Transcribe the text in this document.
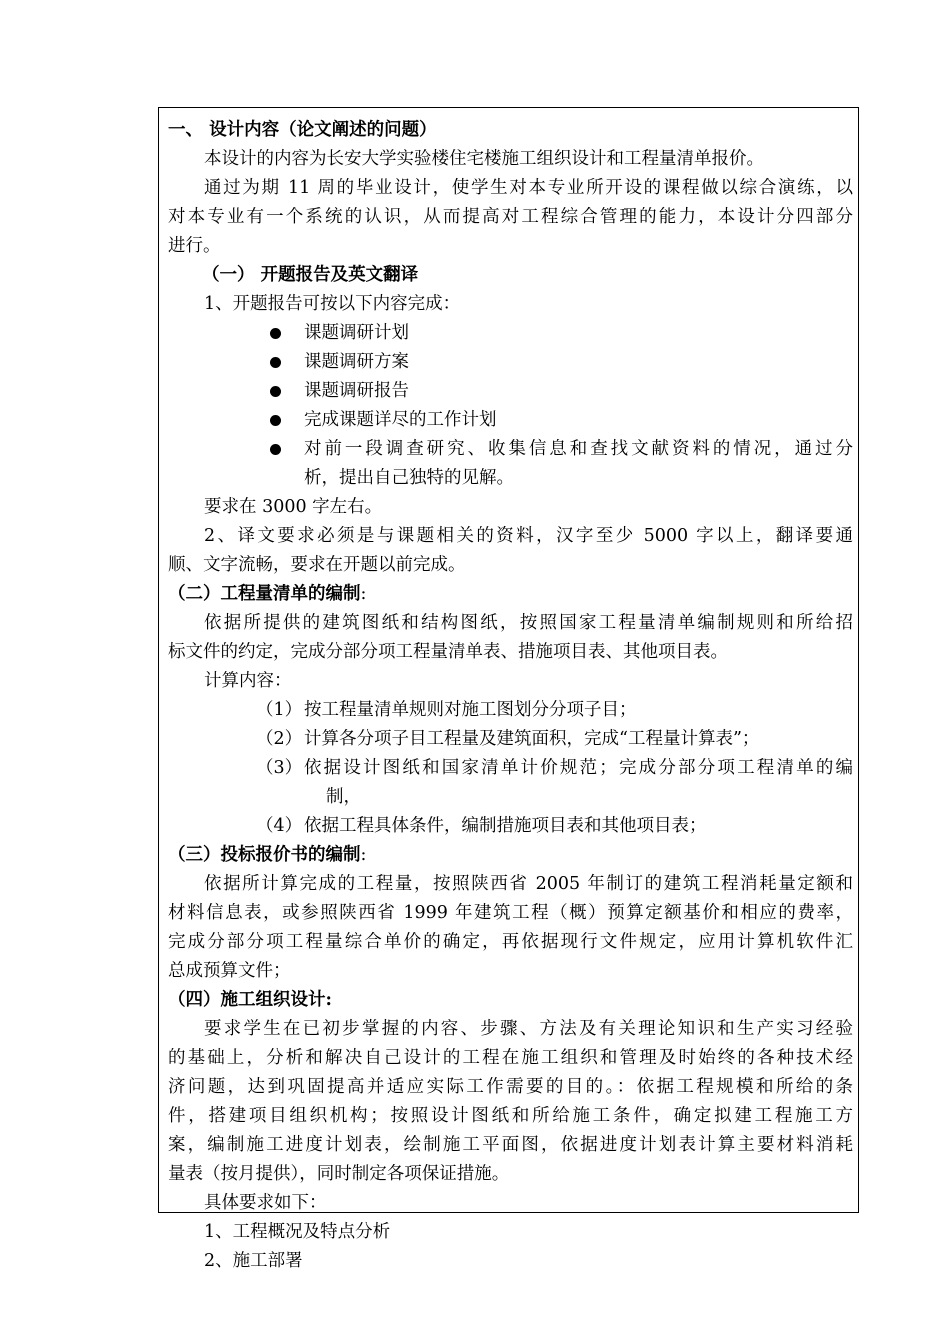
一、 设计内容（论文阐述的问题）
本设计的内容为长安大学实验楼住宅楼施工组织设计和工程量清单报价。
通过为期 11 周的毕业设计，使学生对本专业所开设的课程做以综合演练，以
对本专业有一个系统的认识，从而提高对工程综合管理的能力，本设计分四部分
进行。
（一） 开题报告及英文翻译
1、开题报告可按以下内容完成：
课题调研计划
课题调研方案
课题调研报告
完成课题详尽的工作计划
对前一段调查研究、收集信息和查找文献资料的情况，通过分
析，提出自己独特的见解。
要求在 3000 字左右。
2、译文要求必须是与课题相关的资料，汉字至少 5000 字以上，翻译要通
顺、文字流畅，要求在开题以前完成。
（二）工程量清单的编制:
依据所提供的建筑图纸和结构图纸，按照国家工程量清单编制规则和所给招
标文件的约定，完成分部分项工程量清单表、措施项目表、其他项目表。
计算内容：
（1） 按工程量清单规则对施工图划分分项子目；
（2） 计算各分项子目工程量及建筑面积，完成“工程量计算表”；
（3） 依据设计图纸和国家清单计价规范；完成分部分项工程清单的编
制，
（4） 依据工程具体条件，编制措施项目表和其他项目表；
（三）投标报价书的编制:
依据所计算完成的工程量，按照陕西省 2005 年制订的建筑工程消耗量定额和
材料信息表，或参照陕西省 1999 年建筑工程（概）预算定额基价和相应的费率，
完成分部分项工程量综合单价的确定，再依据现行文件规定，应用计算机软件汇
总成预算文件；
（四）施工组织设计:
要求学生在已初步掌握的内容、步骤、方法及有关理论知识和生产实习经验
的基础上，分析和解决自己设计的工程在施工组织和管理及时始终的各种技术经
济问题，达到巩固提高并适应实际工作需要的目的。：依据工程规模和所给的条
件，搭建项目组织机构；按照设计图纸和所给施工条件，确定拟建工程施工方
案，编制施工进度计划表，绘制施工平面图，依据进度计划表计算主要材料消耗
量表（按月提供），同时制定各项保证措施。
具体要求如下：
1、工程概况及特点分析
2、施工部署
